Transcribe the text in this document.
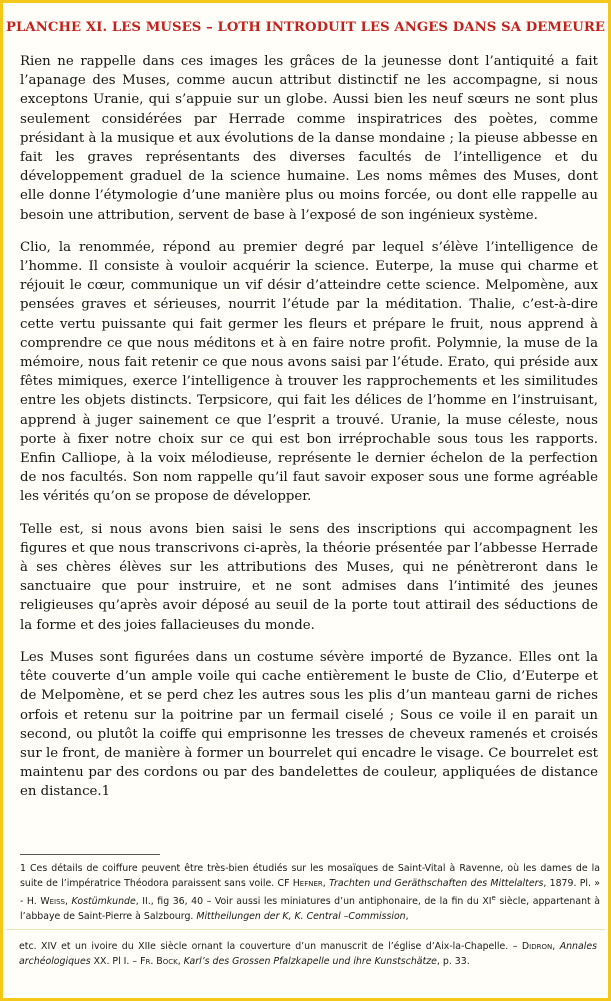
PLANCHE XI. LES MUSES – LOTH INTRODUIT LES ANGES DANS SA DEMEURE

Rien ne rappelle dans ces images les grâces de la jeunesse dont l’antiquité a fait l’apanage des Muses, comme aucun attribut distinctif ne les accompagne, si nous exceptons Uranie, qui s’appuie sur un globe. Aussi bien les neuf sœurs ne sont plus seulement considérées par Herrade comme inspiratrices des poètes, comme présidant à la musique et aux évolutions de la danse mondaine ; la pieuse abbesse en fait les graves représentants des diverses facultés de l’intelligence et du développement graduel de la science humaine. Les noms mêmes des Muses, dont elle donne l’étymologie d’une manière plus ou moins forcée, ou dont elle rappelle au besoin une attribution, servent de base à l’exposé de son ingénieux système.

Clio, la renommée, répond au premier degré par lequel s’élève l’intelligence de l’homme. Il consiste à vouloir acquérir la science. Euterpe, la muse qui charme et réjouit le cœur, communique un vif désir d’atteindre cette science. Melpomène, aux pensées graves et sérieuses, nourrit l’étude par la méditation. Thalie, c’est-à-dire cette vertu puissante qui fait germer les fleurs et prépare le fruit, nous apprend à comprendre ce que nous méditons et à en faire notre profit. Polymnie, la muse de la mémoire, nous fait retenir ce que nous avons saisi par l’étude. Erato, qui préside aux fêtes mimiques, exerce l’intelligence à trouver les rapprochements et les similitudes entre les objets distincts. Terpsicore, qui fait les délices de l’homme en l’instruisant, apprend à juger sainement ce que l’esprit a trouvé. Uranie, la muse céleste, nous porte à fixer notre choix sur ce qui est bon irréprochable sous tous les rapports. Enfin Calliope, à la voix mélodieuse, représente le dernier échelon de la perfection de nos facultés. Son nom rappelle qu’il faut savoir exposer sous une forme agréable les vérités qu’on se propose de développer.

Telle est, si nous avons bien saisi le sens des inscriptions qui accompagnent les figures et que nous transcrivons ci-après, la théorie présentée par l’abbesse Herrade à ses chères élèves sur les attributions des Muses, qui ne pénètreront dans le sanctuaire que pour instruire, et ne sont admises dans l’intimité des jeunes religieuses qu’après avoir déposé au seuil de la porte tout attirail des séductions de la forme et des joies fallacieuses du monde.

Les Muses sont figurées dans un costume sévère importé de Byzance. Elles ont la tête couverte d’un ample voile qui cache entièrement le buste de Clio, d’Euterpe et de Melpomène, et se perd chez les autres sous les plis d’un manteau garni de riches orfois et retenu sur la poitrine par un fermail ciselé ; Sous ce voile il en parait un second, ou plutôt la coiffe qui emprisonne les tresses de cheveux ramenés et croisés sur le front, de manière à former un bourrelet qui encadre le visage. Ce bourrelet est maintenu par des cordons ou par des bandelettes de couleur, appliquées de distance en distance.1

1 Ces détails de coiffure peuvent être très-bien étudiés sur les mosaïques de Saint-Vital à Ravenne, où les dames de la suite de l’impératrice Théodora paraissent sans voile. CF Hefner, Trachten und Geräthschaften des Mittelalters, 1879. Pl. » - H. Weiss, Kostümkunde, II., fig 36, 40 – Voir aussi les miniatures d’un antiphonaire, de la fin du XIe siècle, appartenant à l’abbaye de Saint-Pierre à Salzbourg. Mittheilungen der K, K. Central –Commission,
etc. XIV et un ivoire du XIIe siècle ornant la couverture d’un manuscrit de l’église d’Aix-la-Chapelle. – Didron, Annales archéologiques XX. Pl I. – Fr. Bock, Karl’s des Grossen Pfalzkapelle und ihre Kunstschätze, p. 33.
